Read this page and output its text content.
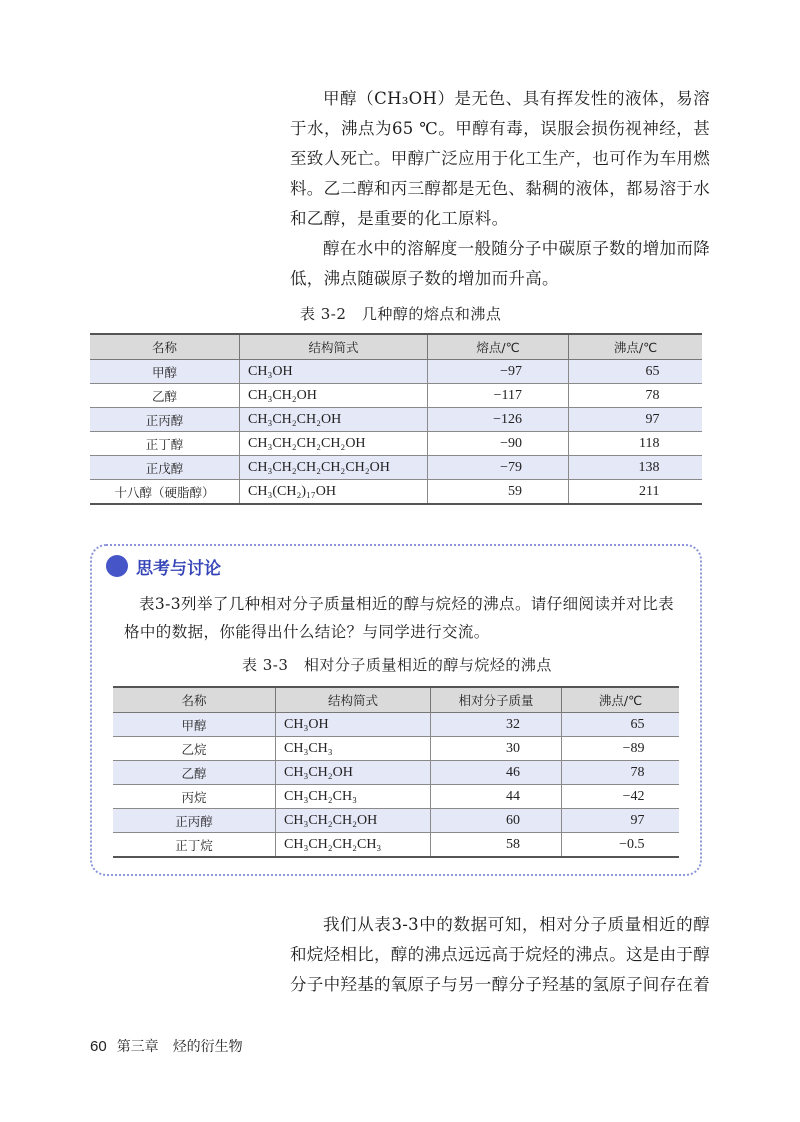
甲醇（CH₃OH）是无色、具有挥发性的液体，易溶于水，沸点为65 ℃。甲醇有毒，误服会损伤视神经，甚至致人死亡。甲醇广泛应用于化工生产，也可作为车用燃料。乙二醇和丙三醇都是无色、黏稠的液体，都易溶于水和乙醇，是重要的化工原料。

醇在水中的溶解度一般随分子中碳原子数的增加而降低，沸点随碳原子数的增加而升高。

表 3-2　几种醇的熔点和沸点

名称	结构简式	熔点/℃	沸点/℃
甲醇	CH₃OH	−97	65
乙醇	CH₃CH₂OH	−117	78
正丙醇	CH₃CH₂CH₂OH	−126	97
正丁醇	CH₃CH₂CH₂CH₂OH	−90	118
正戊醇	CH₃CH₂CH₂CH₂CH₂OH	−79	138
十八醇（硬脂醇）	CH₃(CH₂)₁₇OH	59	211

思考与讨论

表3-3列举了几种相对分子质量相近的醇与烷烃的沸点。请仔细阅读并对比表格中的数据，你能得出什么结论？与同学进行交流。

表 3-3　相对分子质量相近的醇与烷烃的沸点

名称	结构简式	相对分子质量	沸点/℃
甲醇	CH₃OH	32	65
乙烷	CH₃CH₃	30	−89
乙醇	CH₃CH₂OH	46	78
丙烷	CH₃CH₂CH₃	44	−42
正丙醇	CH₃CH₂CH₂OH	60	97
正丁烷	CH₃CH₂CH₂CH₃	58	−0.5

我们从表3-3中的数据可知，相对分子质量相近的醇和烷烃相比，醇的沸点远远高于烷烃的沸点。这是由于醇分子中羟基的氧原子与另一醇分子羟基的氢原子间存在着

60 第三章 烃的衍生物
